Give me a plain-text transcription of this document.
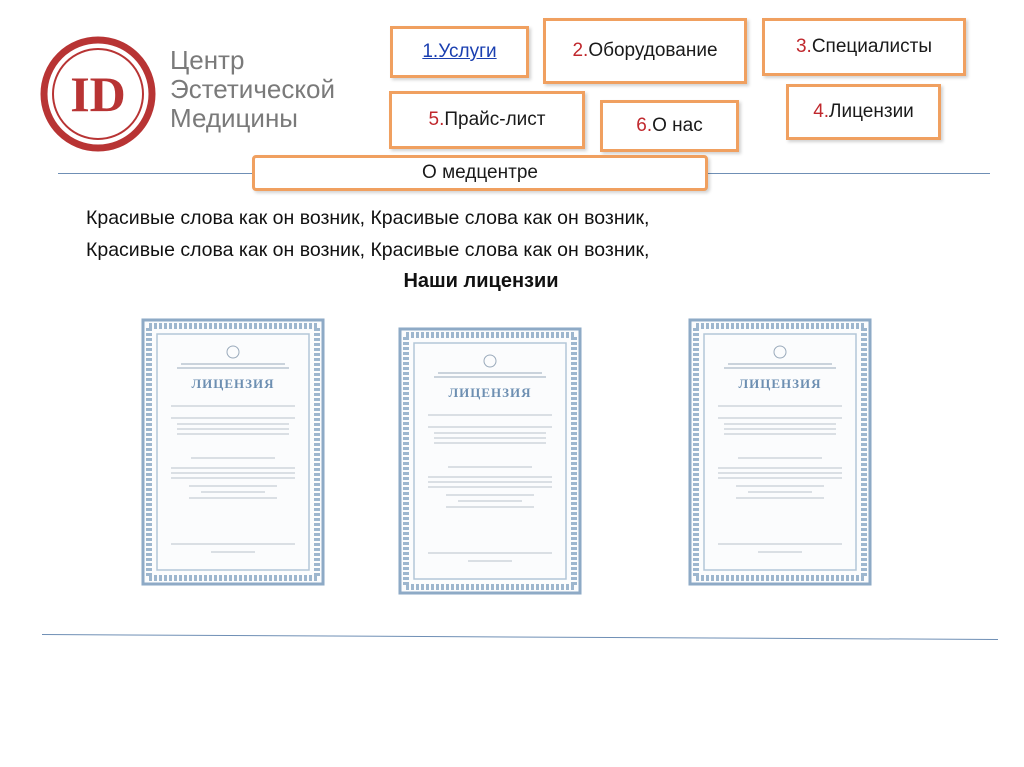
ID
Центр
Эстетической
Медицины
1. Услуги	2. Оборудование	3. Специалисты
4. Лицензии
5. Прайс-лист	6. О нас
О медцентре
Красивые слова как он возник, Красивые слова как он возник,
Красивые слова как он возник, Красивые слова как он возник,
Наши лицензии
ЛИЦЕНЗИЯ
ЛИЦЕНЗИЯ
ЛИЦЕНЗИЯ
